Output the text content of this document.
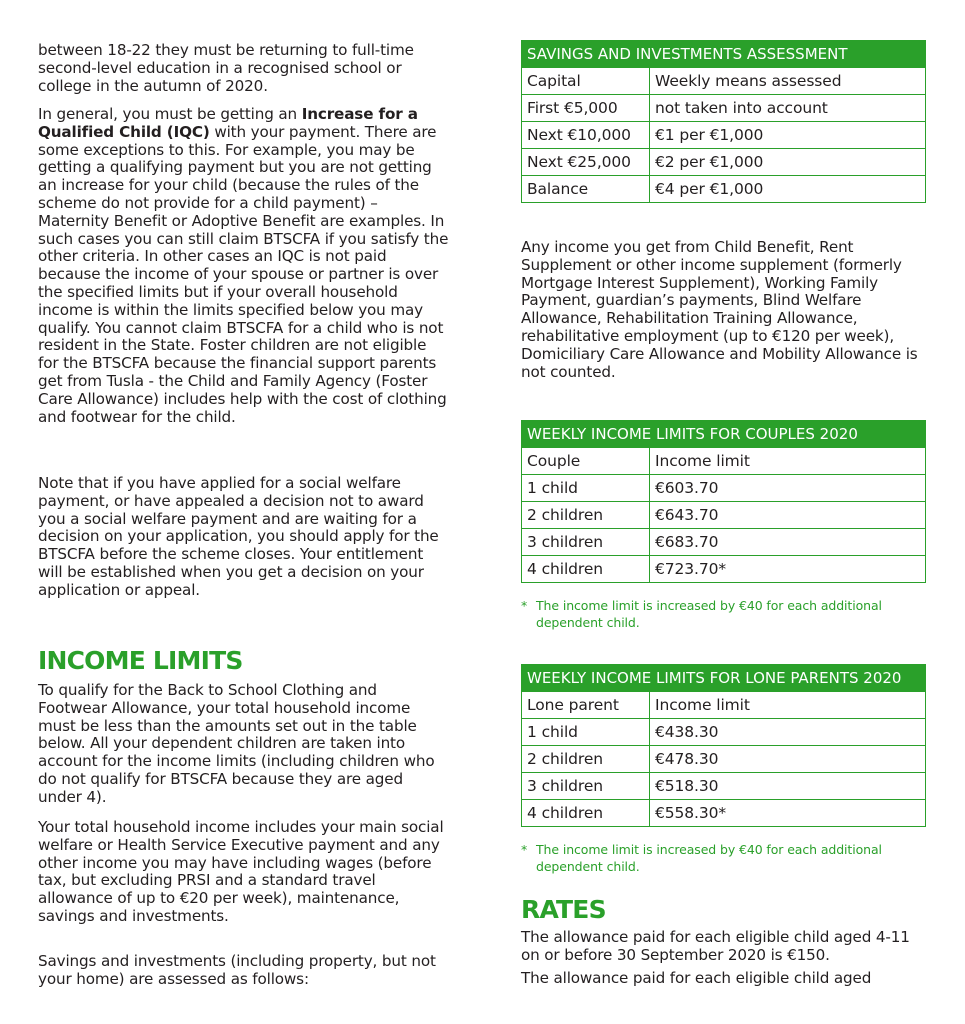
between 18-22 they must be returning to full-time second-level education in a recognised school or college in the autumn of 2020.

In general, you must be getting an Increase for a Qualified Child (IQC) with your payment. There are some exceptions to this. For example, you may be getting a qualifying payment but you are not getting an increase for your child (because the rules of the scheme do not provide for a child payment) – Maternity Benefit or Adoptive Benefit are examples. In such cases you can still claim BTSCFA if you satisfy the other criteria. In other cases an IQC is not paid because the income of your spouse or partner is over the specified limits but if your overall household income is within the limits specified below you may qualify. You cannot claim BTSCFA for a child who is not resident in the State. Foster children are not eligible for the BTSCFA because the financial support parents get from Tusla - the Child and Family Agency (Foster Care Allowance) includes help with the cost of clothing and footwear for the child.

Note that if you have applied for a social welfare payment, or have appealed a decision not to award you a social welfare payment and are waiting for a decision on your application, you should apply for the BTSCFA before the scheme closes. Your entitlement will be established when you get a decision on your application or appeal.

INCOME LIMITS

To qualify for the Back to School Clothing and Footwear Allowance, your total household income must be less than the amounts set out in the table below. All your dependent children are taken into account for the income limits (including children who do not qualify for BTSCFA because they are aged under 4).

Your total household income includes your main social welfare or Health Service Executive payment and any other income you may have including wages (before tax, but excluding PRSI and a standard travel allowance of up to €20 per week), maintenance, savings and investments.

Savings and investments (including property, but not your home) are assessed as follows:

SAVINGS AND INVESTMENTS ASSESSMENT	
Capital	Weekly means assessed
First €5,000	not taken into account
Next €10,000	€1 per €1,000
Next €25,000	€2 per €1,000
Balance	€4 per €1,000

Any income you get from Child Benefit, Rent Supplement or other income supplement (formerly Mortgage Interest Supplement), Working Family Payment, guardian’s payments, Blind Welfare Allowance, Rehabilitation Training Allowance, rehabilitative employment (up to €120 per week), Domiciliary Care Allowance and Mobility Allowance is not counted.

WEEKLY INCOME LIMITS FOR COUPLES 2020	
Couple	Income limit
1 child	€603.70
2 children	€643.70
3 children	€683.70
4 children	€723.70*
* The income limit is increased by €40 for each additional dependent child.
WEEKLY INCOME LIMITS FOR LONE PARENTS 2020	
Lone parent	Income limit
1 child	€438.30
2 children	€478.30
3 children	€518.30
4 children	€558.30*
* The income limit is increased by €40 for each additional dependent child.
RATES

The allowance paid for each eligible child aged 4-11 on or before 30 September 2020 is €150.

The allowance paid for each eligible child aged
